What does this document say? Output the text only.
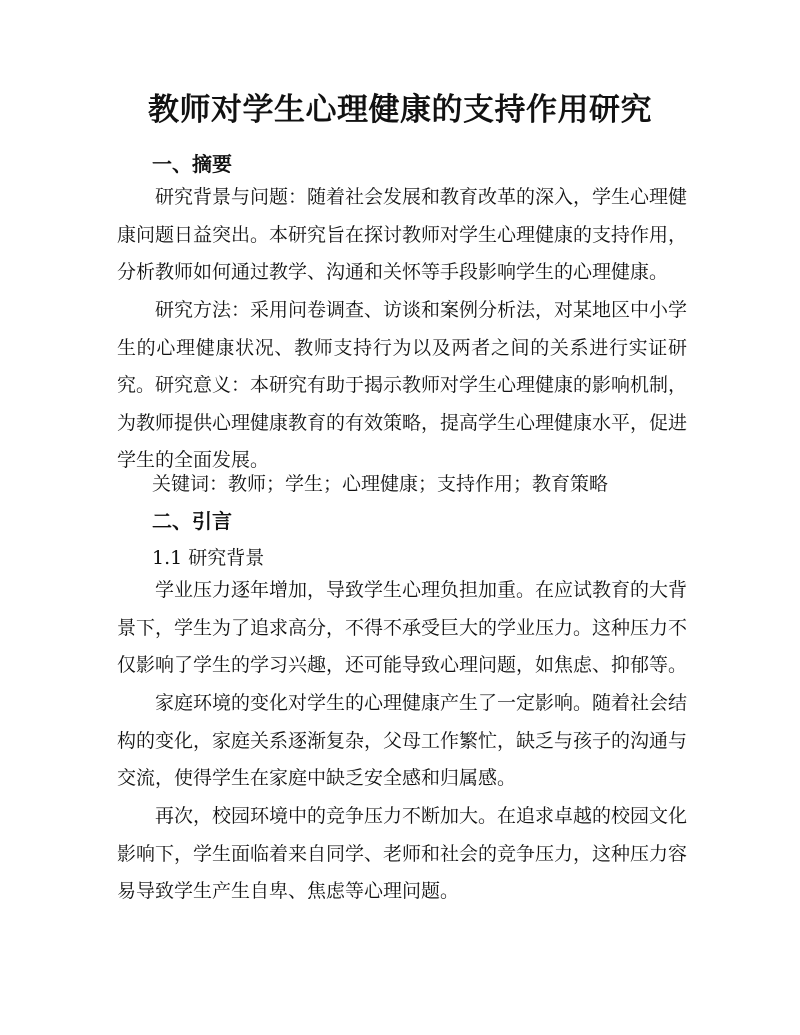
教师对学生心理健康的支持作用研究
一、摘要
研究背景与问题：随着社会发展和教育改革的深入，学生心理健康问题日益突出。本研究旨在探讨教师对学生心理健康的支持作用，分析教师如何通过教学、沟通和关怀等手段影响学生的心理健康。
研究方法：采用问卷调查、访谈和案例分析法，对某地区中小学生的心理健康状况、教师支持行为以及两者之间的关系进行实证研究。 研究意义：本研究有助于揭示教师对学生心理健康的影响机制，为教师提供心理健康教育的有效策略，提高学生心理健康水平，促进学生的全面发展。
关键词：教师；学生；心理健康；支持作用；教育策略
二、引言
1.1 研究背景
学业压力逐年增加，导致学生心理负担加重。在应试教育的大背景下，学生为了追求高分，不得不承受巨大的学业压力。这种压力不仅影响了学生的学习兴趣，还可能导致心理问题，如焦虑、抑郁等。
家庭环境的变化对学生的心理健康产生了一定影响。随着社会结构的变化，家庭关系逐渐复杂，父母工作繁忙，缺乏与孩子的沟通与交流，使得学生在家庭中缺乏安全感和归属感。
再次，校园环境中的竞争压力不断加大。在追求卓越的校园文化影响下，学生面临着来自同学、老师和社会的竞争压力，这种压力容易导致学生产生自卑、焦虑等心理问题。
